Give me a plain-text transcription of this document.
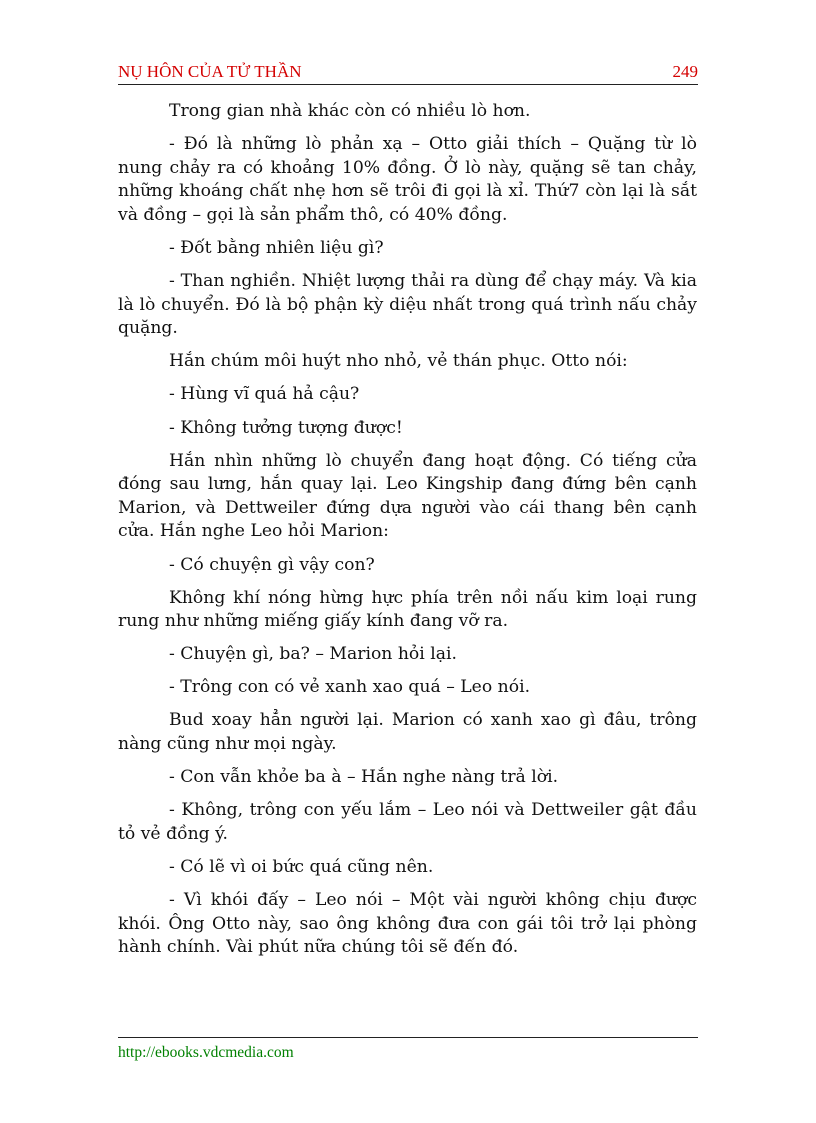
NỤ HÔN CỦA TỬ THẦN	249

Trong gian nhà khác còn có nhiều lò hơn.

- Đó là những lò phản xạ – Otto giải thích – Quặng từ lò nung chảy ra có khoảng 10% đồng. Ở lò này, quặng sẽ tan chảy, những khoáng chất nhẹ hơn sẽ trôi đi gọi là xỉ. Thứ7 còn lại là sắt và đồng – gọi là sản phẩm thô, có 40% đồng.

- Đốt bằng nhiên liệu gì?

- Than nghiền. Nhiệt lượng thải ra dùng để chạy máy. Và kia là lò chuyển. Đó là bộ phận kỳ diệu nhất trong quá trình nấu chảy quặng.

Hắn chúm môi huýt nho nhỏ, vẻ thán phục. Otto nói:

- Hùng vĩ quá hả cậu?

- Không tưởng tượng được!

Hắn nhìn những lò chuyển đang hoạt động. Có tiếng cửa đóng sau lưng, hắn quay lại. Leo Kingship đang đứng bên cạnh Marion, và Dettweiler đứng dựa người vào cái thang bên cạnh cửa. Hắn nghe Leo hỏi Marion:

- Có chuyện gì vậy con?

Không khí nóng hừng hực phía trên nồi nấu kim loại rung rung như những miếng giấy kính đang vỡ ra.

- Chuyện gì, ba? – Marion hỏi lại.

- Trông con có vẻ xanh xao quá – Leo nói.

Bud xoay hẳn người lại. Marion có xanh xao gì đâu, trông nàng cũng như mọi ngày.

- Con vẫn khỏe ba à – Hắn nghe nàng trả lời.

- Không, trông con yếu lắm – Leo nói và Dettweiler gật đầu tỏ vẻ đồng ý.

- Có lẽ vì oi bức quá cũng nên.

- Vì khói đấy – Leo nói – Một vài người không chịu được khói. Ông Otto này, sao ông không đưa con gái tôi trở lại phòng hành chính. Vài phút nữa chúng tôi sẽ đến đó.

http://ebooks.vdcmedia.com
